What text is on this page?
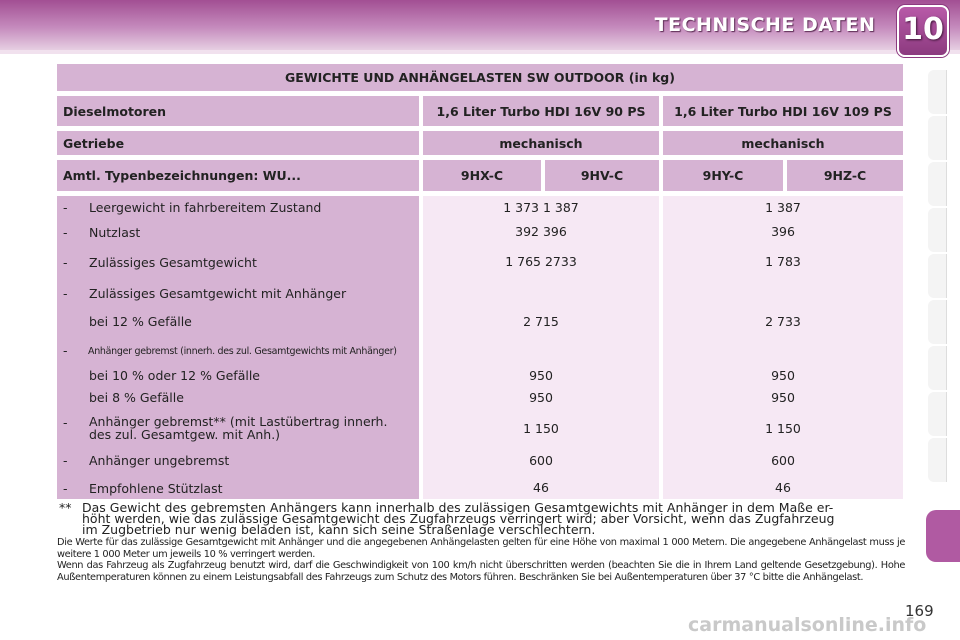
TECHNISCHE DATEN 10
GEWICHTE UND ANHÄNGELASTEN SW OUTDOOR (in kg)
Dieselmotoren	1,6 Liter Turbo HDI 16V 90 PS	1,6 Liter Turbo HDI 16V 109 PS
Getriebe	mechanisch	mechanisch
Amtl. Typenbezeichnungen: WU...	9HX-C	9HV-C	9HY-C	9HZ-C
- Leergewicht in fahrbereitem Zustand	1 373 1 387	1 387
- Nutzlast	392 396	396
- Zulässiges Gesamtgewicht	1 765 2733	1 783
- Zulässiges Gesamtgewicht mit Anhänger
bei 12 % Gefälle	2 715	2 733
- Anhänger gebremst (innerh. des zul. Gesamtgewichts mit Anhänger)
bei 10 % oder 12 % Gefälle	950	950
bei 8 % Gefälle	950	950
- Anhänger gebremst** (mit Lastübertrag innerh.
des zul. Gesamtgew. mit Anh.)	1 150	1 150
- Anhänger ungebremst	600	600
- Empfohlene Stützlast	46	46
** Das Gewicht des gebremsten Anhängers kann innerhalb des zulässigen Gesamtgewichts mit Anhänger in dem Maße er-
höht werden, wie das zulässige Gesamtgewicht des Zugfahrzeugs verringert wird; aber Vorsicht, wenn das Zugfahrzeug
im Zugbetrieb nur wenig beladen ist, kann sich seine Straßenlage verschlechtern.
Die Werte für das zulässige Gesamtgewicht mit Anhänger und die angegebenen Anhängelasten gelten für eine Höhe von maximal 1 000 Metern. Die angegebene Anhängelast muss je weitere 1 000 Meter um jeweils 10 % verringert werden.
Wenn das Fahrzeug als Zugfahrzeug benutzt wird, darf die Geschwindigkeit von 100 km/h nicht überschritten werden (beachten Sie die in Ihrem Land geltende Gesetzgebung). Hohe Außentemperaturen können zu einem Leistungsabfall des Fahrzeugs zum Schutz des Motors führen. Beschränken Sie bei Außentemperaturen über 37 °C bitte die Anhängelast.
carmanualsonline.info
169
